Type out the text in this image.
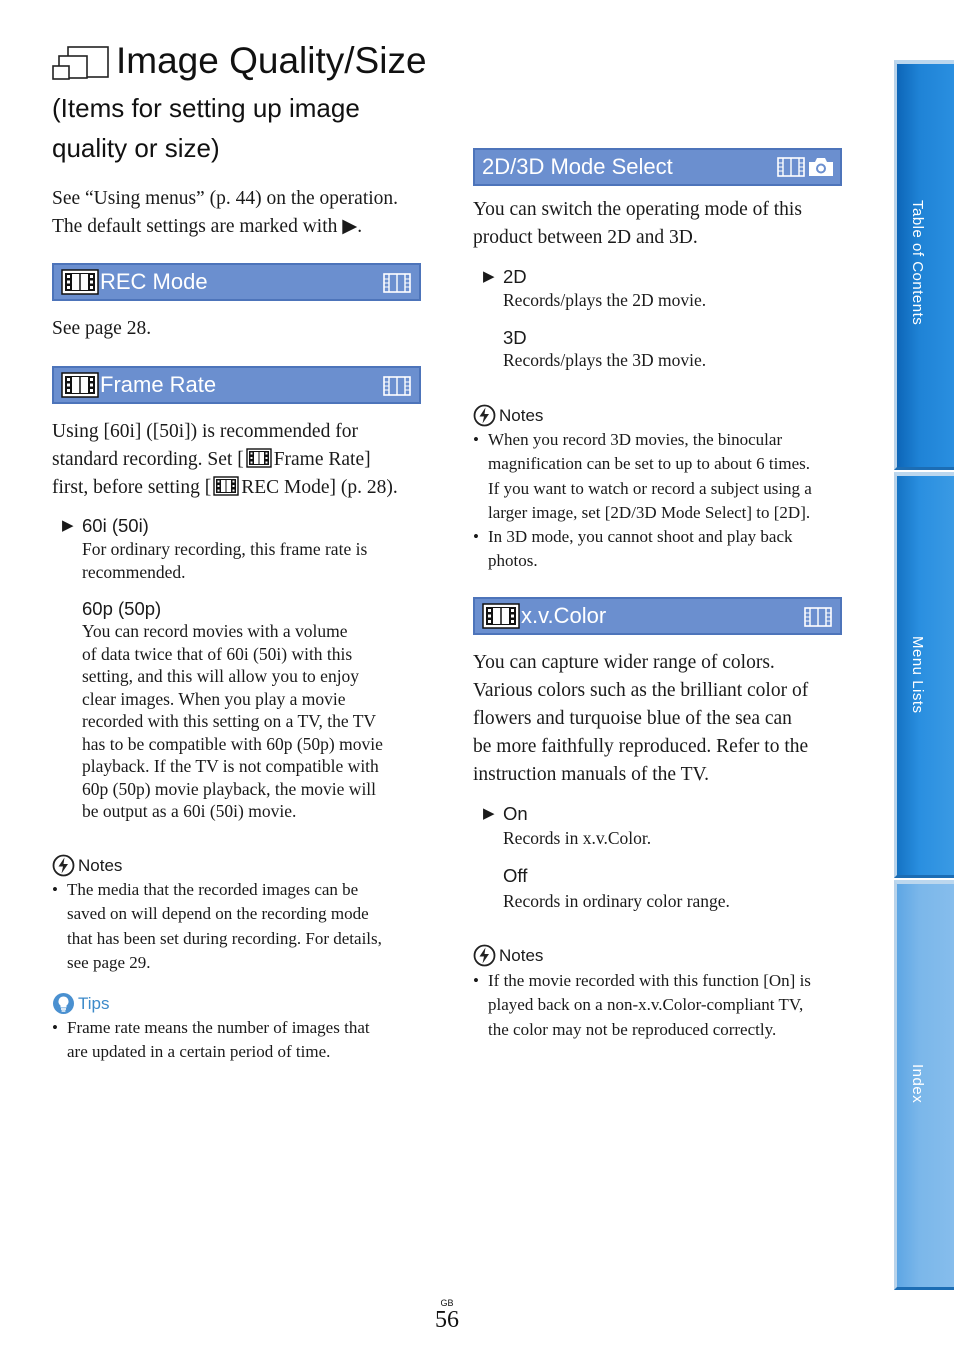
Image Quality/Size
(Items for setting up image
quality or size)
See “Using menus” (p. 44) on the operation.
The default settings are marked with ▶.
REC Mode
See page 28.
Frame Rate
Using [60i] ([50i]) is recommended for
standard recording. Set [ Frame Rate]
first, before setting [ REC Mode] (p. 28).
▶ 60i (50i)
For ordinary recording, this frame rate is
recommended.
60p (50p)
You can record movies with a volume
of data twice that of 60i (50i) with this
setting, and this will allow you to enjoy
clear images. When you play a movie
recorded with this setting on a TV, the TV
has to be compatible with 60p (50p) movie
playback. If the TV is not compatible with
60p (50p) movie playback, the movie will
be output as a 60i (50i) movie.
Notes
• The media that the recorded images can be
saved on will depend on the recording mode
that has been set during recording. For details,
see page 29.
Tips
• Frame rate means the number of images that
are updated in a certain period of time.
2D/3D Mode Select
You can switch the operating mode of this
product between 2D and 3D.
▶ 2D
Records/plays the 2D movie.
3D
Records/plays the 3D movie.
Notes
• When you record 3D movies, the binocular
magnification can be set to up to about 6 times.
If you want to watch or record a subject using a
larger image, set [2D/3D Mode Select] to [2D].
• In 3D mode, you cannot shoot and play back
photos.
x.v.Color
You can capture wider range of colors.
Various colors such as the brilliant color of
flowers and turquoise blue of the sea can
be more faithfully reproduced. Refer to the
instruction manuals of the TV.
▶ On
Records in x.v.Color.
Off
Records in ordinary color range.
Notes
• If the movie recorded with this function [On] is
played back on a non-x.v.Color-compliant TV,
the color may not be reproduced correctly.
Table of Contents
Menu Lists
Index
GB
56
